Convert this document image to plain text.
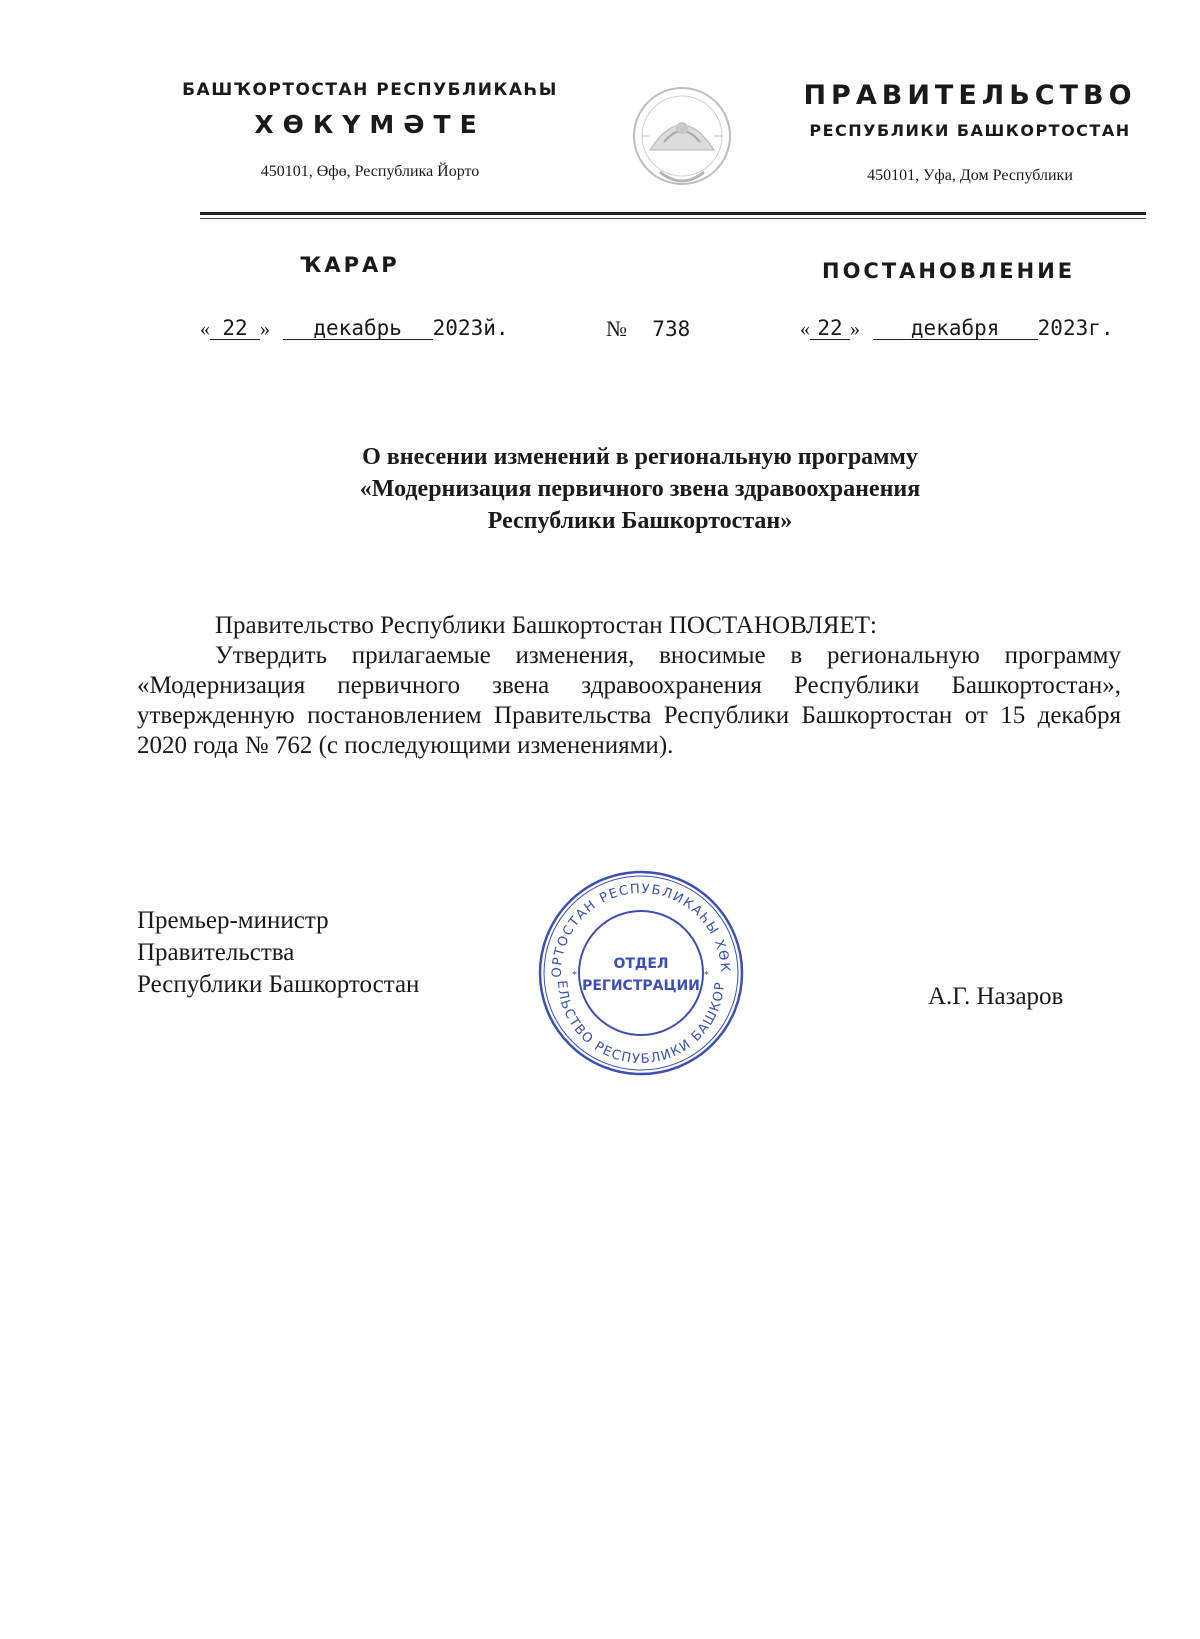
БАШҠОРТОСТАН РЕСПУБЛИКАҺЫ
ХӨКҮМӘТЕ
450101, Өфө, Республика Йорто
ПРАВИТЕЛЬСТВО
РЕСПУБЛИКИ БАШКОРТОСТАН
450101, Уфа, Дом Республики
ҠАРАР	ПОСТАНОВЛЕНИЕ
« 22 » декабрь 2023й.	№ 738	« 22 » декабря 2023г.
О внесении изменений в региональную программу
«Модернизация первичного звена здравоохранения
Республики Башкортостан»
Правительство Республики Башкортостан ПОСТАНОВЛЯЕТ:
Утвердить прилагаемые изменения, вносимые в региональную программу «Модернизация первичного звена здравоохранения Республики Башкортостан», утвержденную постановлением Правительства Республики Башкортостан от 15 декабря 2020 года № 762 (с последующими изменениями).
Премьер-министр
Правительства
Республики Башкортостан	А.Г. Назаров
ОРТОСТАН РЕСПУБЛИКАҺЫ ХӨК
ЕЛЬСТВО РЕСПУБЛИКИ БАШКОР
ОТДЕЛ
РЕГИСТРАЦИИ
*	*
